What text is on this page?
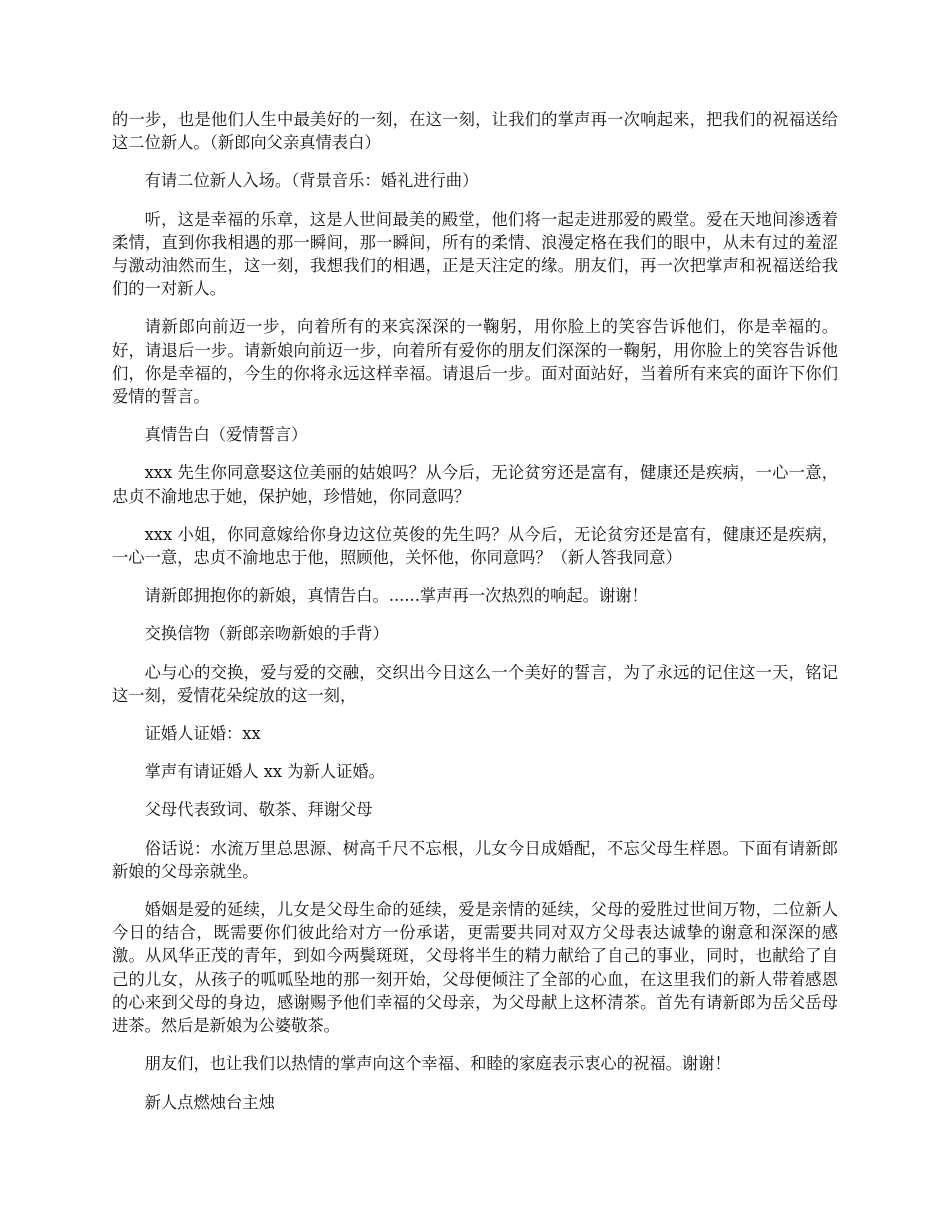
的一步，也是他们人生中最美好的一刻，在这一刻，让我们的掌声再一次响起来，把我们的祝福送给这二位新人。（新郎向父亲真情表白）

有请二位新人入场。（背景音乐：婚礼进行曲）

听，这是幸福的乐章，这是人世间最美的殿堂，他们将一起走进那爱的殿堂。爱在天地间渗透着柔情，直到你我相遇的那一瞬间，那一瞬间，所有的柔情、浪漫定格在我们的眼中，从未有过的羞涩与激动油然而生，这一刻，我想我们的相遇，正是天注定的缘。朋友们，再一次把掌声和祝福送给我们的一对新人。

请新郎向前迈一步，向着所有的来宾深深的一鞠躬，用你脸上的笑容告诉他们，你是幸福的。好，请退后一步。请新娘向前迈一步，向着所有爱你的朋友们深深的一鞠躬，用你脸上的笑容告诉他们，你是幸福的，今生的你将永远这样幸福。请退后一步。面对面站好，当着所有来宾的面许下你们爱情的誓言。

真情告白（爱情誓言）

xxx 先生你同意娶这位美丽的姑娘吗？从今后，无论贫穷还是富有，健康还是疾病，一心一意，忠贞不渝地忠于她，保护她，珍惜她，你同意吗？

xxx 小姐，你同意嫁给你身边这位英俊的先生吗？从今后，无论贫穷还是富有，健康还是疾病，一心一意，忠贞不渝地忠于他，照顾他，关怀他，你同意吗？（新人答我同意）

请新郎拥抱你的新娘，真情告白。......掌声再一次热烈的响起。谢谢！

交换信物（新郎亲吻新娘的手背）

心与心的交换，爱与爱的交融，交织出今日这么一个美好的誓言，为了永远的记住这一天，铭记这一刻，爱情花朵绽放的这一刻，

证婚人证婚：xx

掌声有请证婚人 xx 为新人证婚。

父母代表致词、敬茶、拜谢父母

俗话说：水流万里总思源、树高千尺不忘根，儿女今日成婚配，不忘父母生样恩。下面有请新郎新娘的父母亲就坐。

婚姻是爱的延续，儿女是父母生命的延续，爱是亲情的延续，父母的爱胜过世间万物，二位新人今日的结合，既需要你们彼此给对方一份承诺，更需要共同对双方父母表达诚挚的谢意和深深的感激。从风华正茂的青年，到如今两鬓斑斑，父母将半生的精力献给了自己的事业，同时，也献给了自己的儿女，从孩子的呱呱坠地的那一刻开始，父母便倾注了全部的心血，在这里我们的新人带着感恩的心来到父母的身边，感谢赐予他们幸福的父母亲，为父母献上这杯清茶。首先有请新郎为岳父岳母进茶。然后是新娘为公婆敬茶。

朋友们，也让我们以热情的掌声向这个幸福、和睦的家庭表示衷心的祝福。谢谢！

新人点燃烛台主烛
